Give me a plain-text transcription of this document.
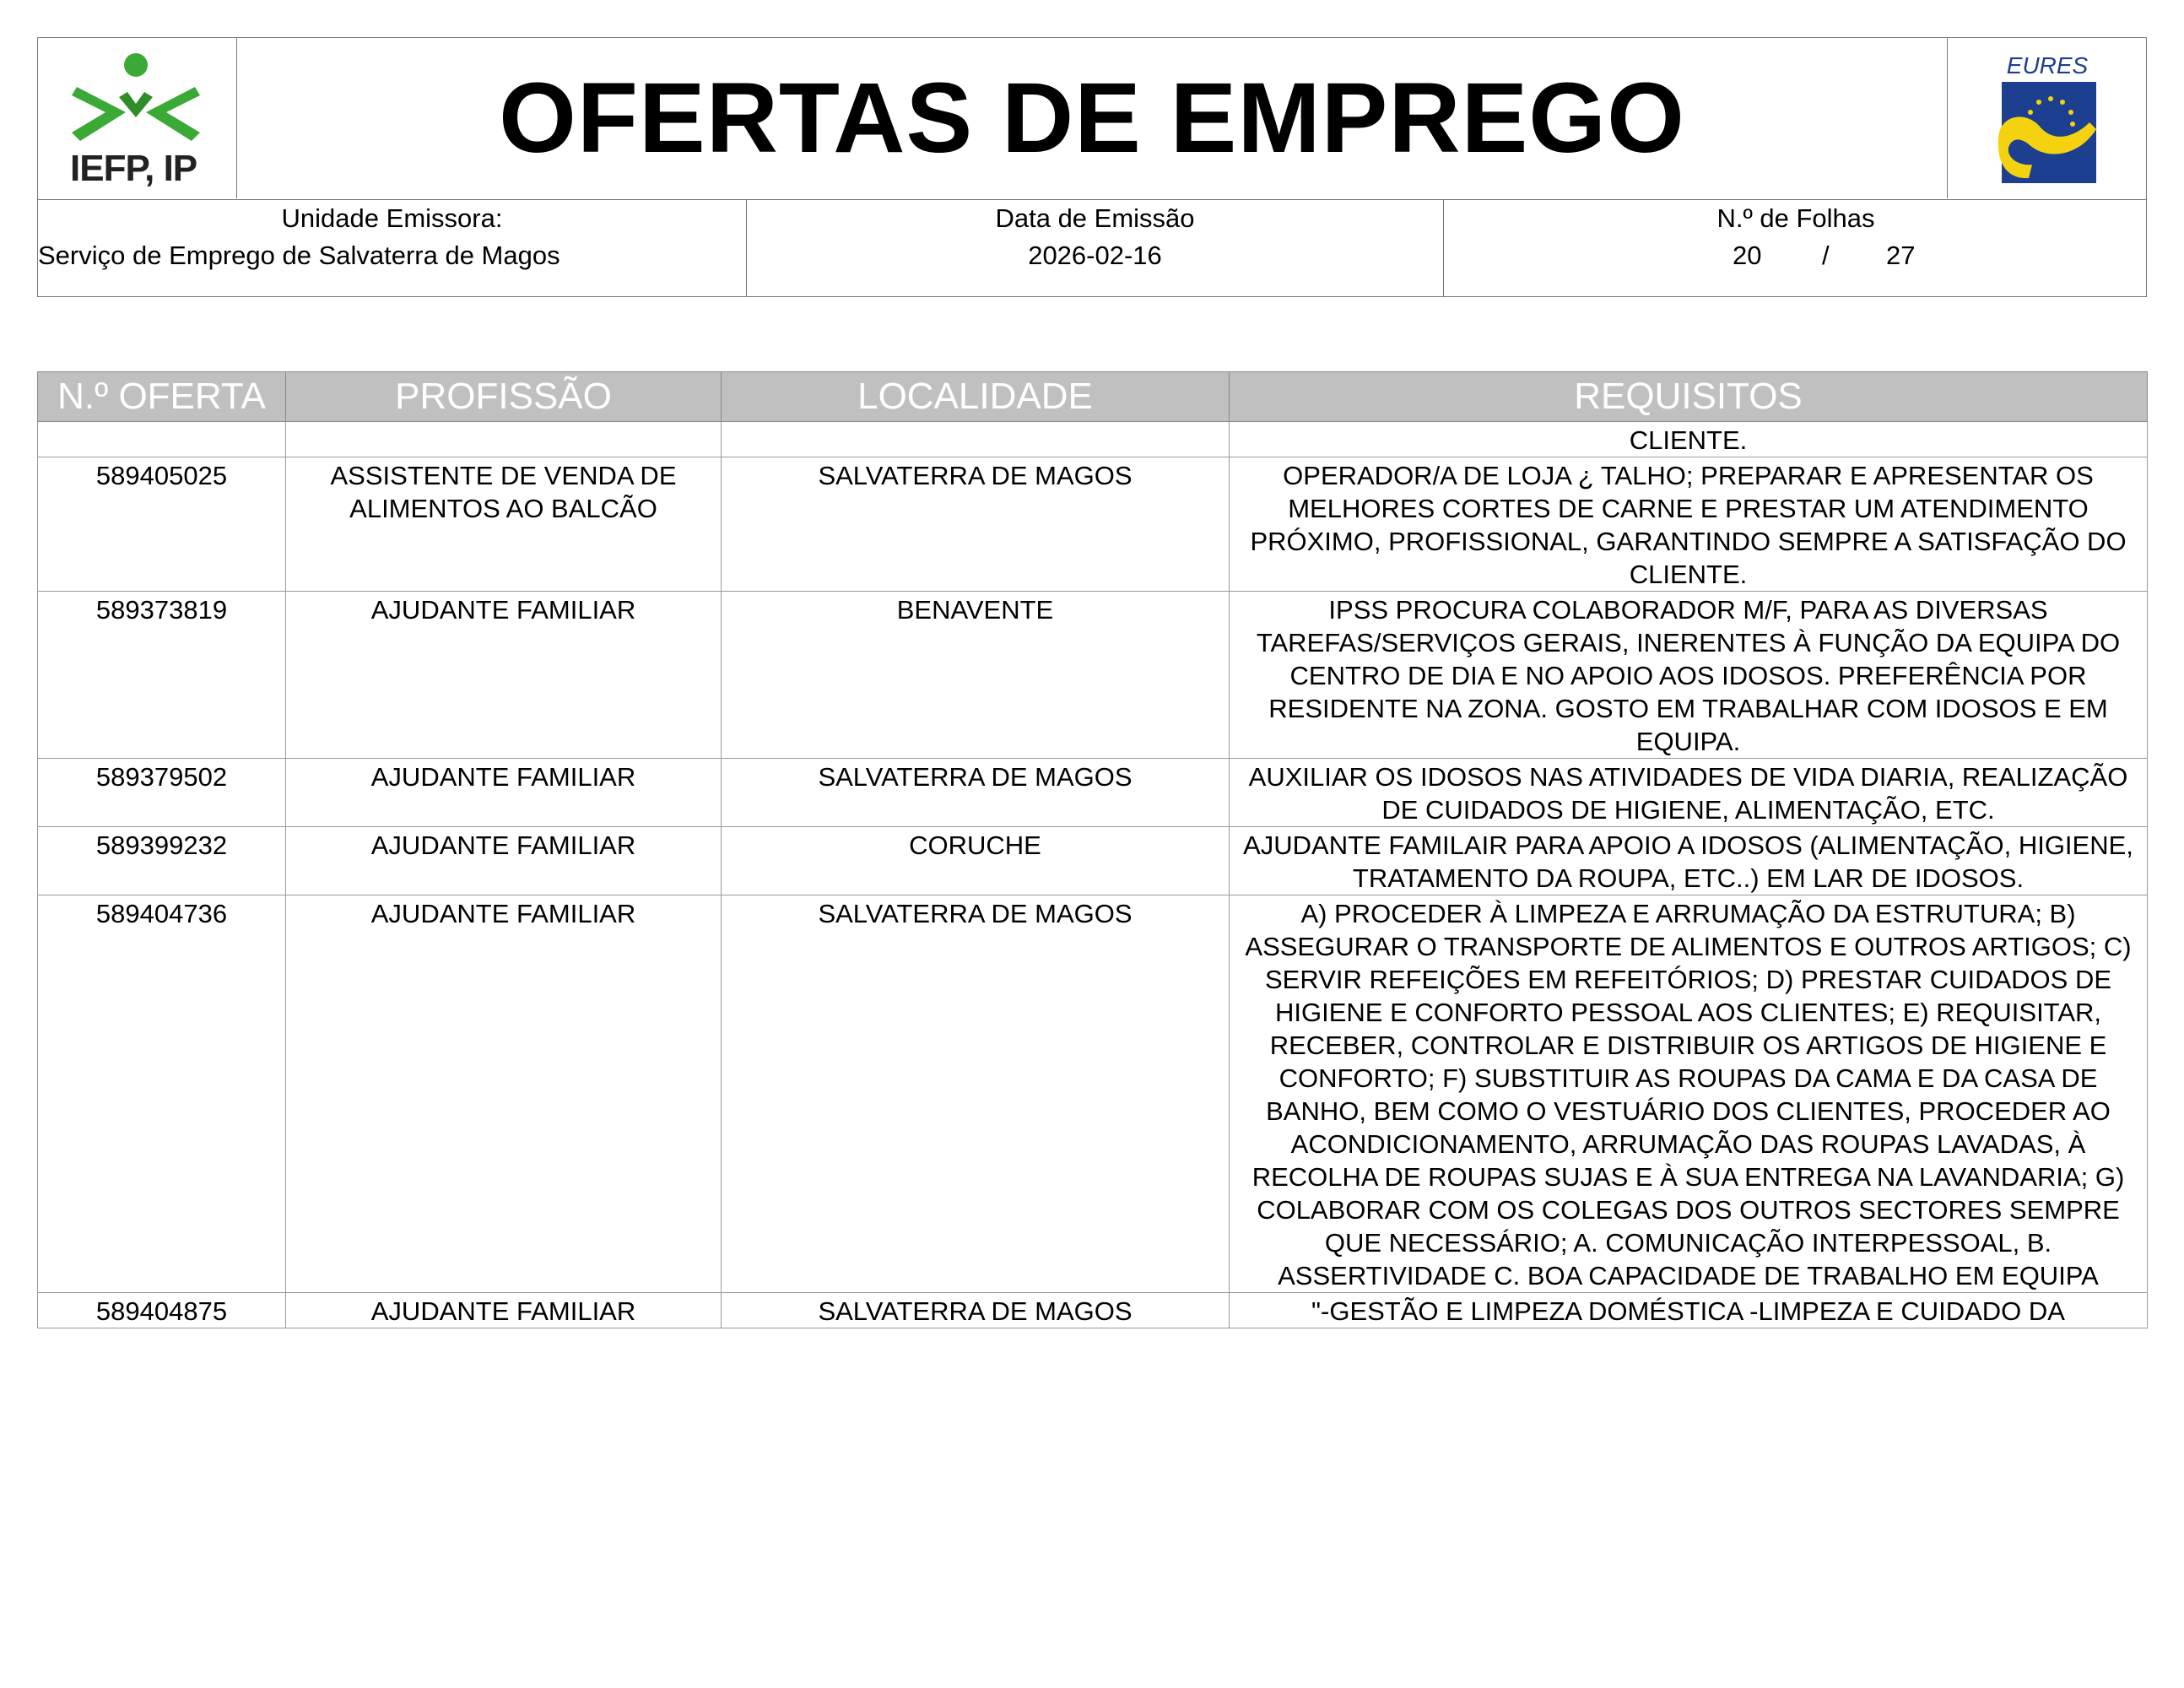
IEFP, IP	OFERTAS DE EMPREGO	EURES
Unidade Emissora:
Serviço de Emprego de Salvaterra de Magos
Data de Emissão
2026-02-16
N.º de Folhas
20 / 27
N.º OFERTA	PROFISSÃO	LOCALIDADE	REQUISITOS
			CLIENTE.
589405025	ASSISTENTE DE VENDA DE ALIMENTOS AO BALCÃO	SALVATERRA DE MAGOS	OPERADOR/A DE LOJA ¿ TALHO; PREPARAR E APRESENTAR OS MELHORES CORTES DE CARNE E PRESTAR UM ATENDIMENTO PRÓXIMO, PROFISSIONAL, GARANTINDO SEMPRE A SATISFAÇÃO DO CLIENTE.
589373819	AJUDANTE FAMILIAR	BENAVENTE	IPSS PROCURA COLABORADOR M/F, PARA AS DIVERSAS TAREFAS/SERVIÇOS GERAIS, INERENTES À FUNÇÃO DA EQUIPA DO CENTRO DE DIA E NO APOIO AOS IDOSOS. PREFERÊNCIA POR RESIDENTE NA ZONA. GOSTO EM TRABALHAR COM IDOSOS E EM EQUIPA.
589379502	AJUDANTE FAMILIAR	SALVATERRA DE MAGOS	AUXILIAR OS IDOSOS NAS ATIVIDADES DE VIDA DIARIA, REALIZAÇÃO DE CUIDADOS DE HIGIENE, ALIMENTAÇÃO, ETC.
589399232	AJUDANTE FAMILIAR	CORUCHE	AJUDANTE FAMILAIR PARA APOIO A IDOSOS (ALIMENTAÇÃO, HIGIENE, TRATAMENTO DA ROUPA, ETC..) EM LAR DE IDOSOS.
589404736	AJUDANTE FAMILIAR	SALVATERRA DE MAGOS	A) PROCEDER À LIMPEZA E ARRUMAÇÃO DA ESTRUTURA; B) ASSEGURAR O TRANSPORTE DE ALIMENTOS E OUTROS ARTIGOS; C) SERVIR REFEIÇÕES EM REFEITÓRIOS; D) PRESTAR CUIDADOS DE HIGIENE E CONFORTO PESSOAL AOS CLIENTES; E) REQUISITAR, RECEBER, CONTROLAR E DISTRIBUIR OS ARTIGOS DE HIGIENE E CONFORTO; F) SUBSTITUIR AS ROUPAS DA CAMA E DA CASA DE BANHO, BEM COMO O VESTUÁRIO DOS CLIENTES, PROCEDER AO ACONDICIONAMENTO, ARRUMAÇÃO DAS ROUPAS LAVADAS, À RECOLHA DE ROUPAS SUJAS E À SUA ENTREGA NA LAVANDARIA; G) COLABORAR COM OS COLEGAS DOS OUTROS SECTORES SEMPRE QUE NECESSÁRIO; A. COMUNICAÇÃO INTERPESSOAL, B. ASSERTIVIDADE C. BOA CAPACIDADE DE TRABALHO EM EQUIPA
589404875	AJUDANTE FAMILIAR	SALVATERRA DE MAGOS	"-GESTÃO E LIMPEZA DOMÉSTICA -LIMPEZA E CUIDADO DA
